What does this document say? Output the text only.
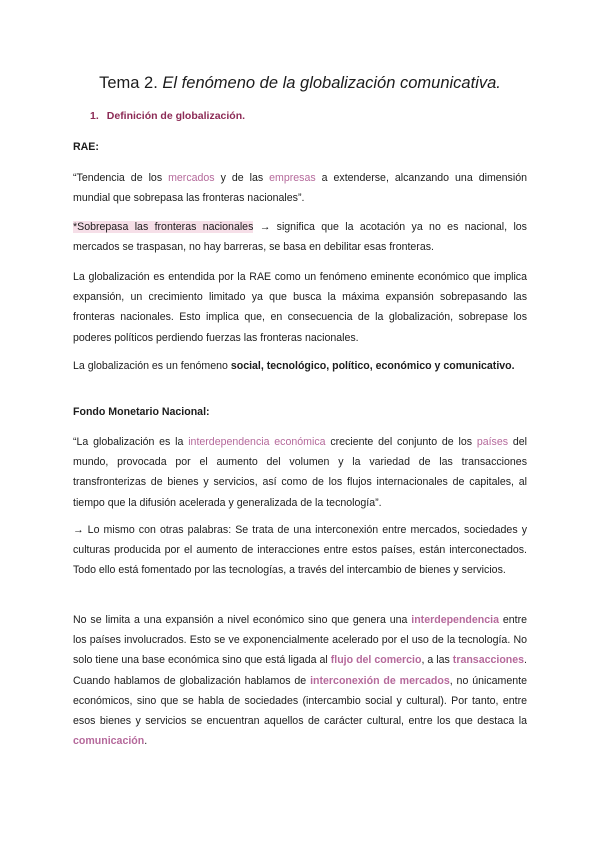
Tema 2. El fenómeno de la globalización comunicativa.
1. Definición de globalización.
RAE:
“Tendencia de los mercados y de las empresas a extenderse, alcanzando una dimensión mundial que sobrepasa las fronteras nacionales”.
*Sobrepasa las fronteras nacionales → significa que la acotación ya no es nacional, los mercados se traspasan, no hay barreras, se basa en debilitar esas fronteras.
La globalización es entendida por la RAE como un fenómeno eminente económico que implica expansión, un crecimiento limitado ya que busca la máxima expansión sobrepasando las fronteras nacionales. Esto implica que, en consecuencia de la globalización, sobrepase los poderes políticos perdiendo fuerzas las fronteras nacionales.
La globalización es un fenómeno social, tecnológico, político, económico y comunicativo.
Fondo Monetario Nacional:
“La globalización es la interdependencia económica creciente del conjunto de los países del mundo, provocada por el aumento del volumen y la variedad de las transacciones transfronterizas de bienes y servicios, así como de los flujos internacionales de capitales, al tiempo que la difusión acelerada y generalizada de la tecnología”.
→ Lo mismo con otras palabras: Se trata de una interconexión entre mercados, sociedades y culturas producida por el aumento de interacciones entre estos países, están interconectados. Todo ello está fomentado por las tecnologías, a través del intercambio de bienes y servicios.
No se limita a una expansión a nivel económico sino que genera una interdependencia entre los países involucrados. Esto se ve exponencialmente acelerado por el uso de la tecnología. No solo tiene una base económica sino que está ligada al flujo del comercio, a las transacciones. Cuando hablamos de globalización hablamos de interconexión de mercados, no únicamente económicos, sino que se habla de sociedades (intercambio social y cultural). Por tanto, entre esos bienes y servicios se encuentran aquellos de carácter cultural, entre los que destaca la comunicación.
